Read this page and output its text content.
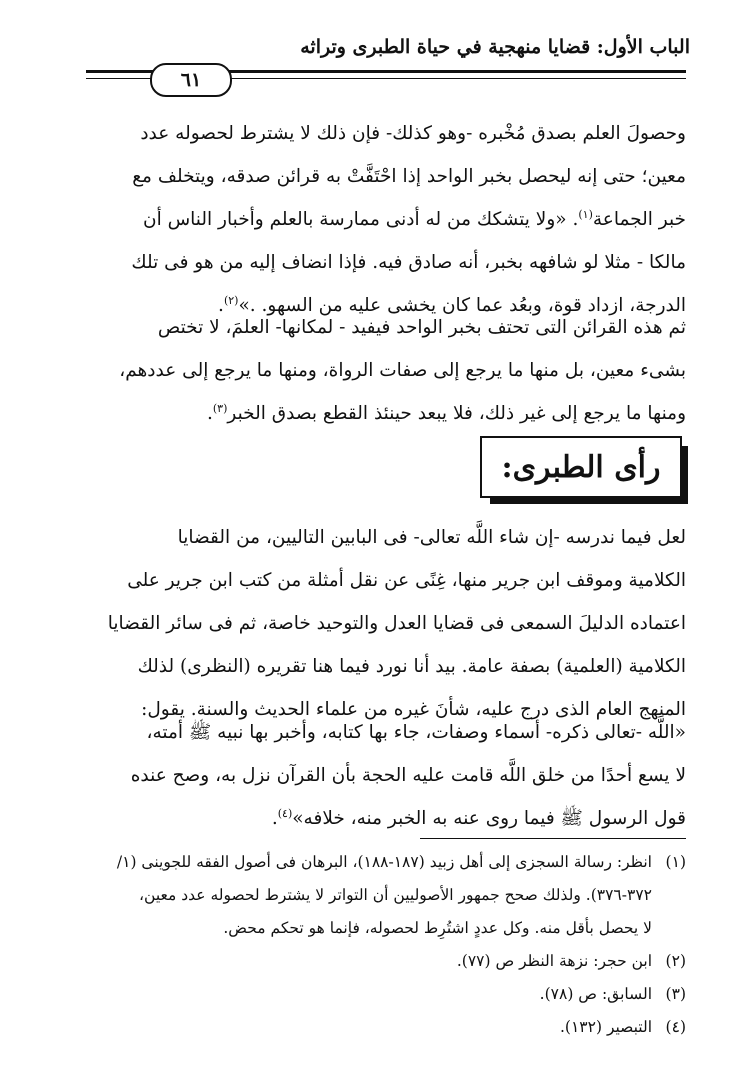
الباب الأول: قضايا منهجية في حياة الطبرى وتراثه
٦١
وحصولَ العلم بصدق مُخْبره -وهو كذلك- فإن ذلك لا يشترط لحصوله عدد
معين؛ حتى إنه ليحصل بخبر الواحد إذا احْتَفَّتْ به قرائن صدقه، ويتخلف مع
خبر الجماعة$^{(١)}$. «ولا يتشكك من له أدنى ممارسة بالعلم وأخبار الناس أن
مالكا - مثلا لو شافهه بخبر، أنه صادق فيه. فإذا انضاف إليه من هو فى تلك
الدرجة، ازداد قوة، وبعُد عما كان يخشى عليه من السهو. .»$^{(٢)}$.
ثم هذه القرائن التى تحتف بخبر الواحد فيفيد - لمكانها- العلمَ، لا تختص
بشىء معين، بل منها ما يرجع إلى صفات الرواة، ومنها ما يرجع إلى عددهم،
ومنها ما يرجع إلى غير ذلك، فلا يبعد حينئذ القطع بصدق الخبر$^{(٣)}$.
رأى الطبرى:
لعل فيما ندرسه -إن شاء اللَّه تعالى- فى البابين التاليين، من القضايا
الكلامية وموقف ابن جرير منها، غِنًى عن نقل أمثلة من كتب ابن جرير على
اعتماده الدليلَ السمعى فى قضايا العدل والتوحيد خاصة، ثم فى سائر القضايا
الكلامية (العلمية) بصفة عامة. بيد أنا نورد فيما هنا تقريره (النظرى) لذلك
المنهج العام الذى درج عليه، شأنَ غيره من علماء الحديث والسنة. يقول:
«اللَّه -تعالى ذكره- أسماء وصفات، جاء بها كتابه، وأخبر بها نبيه ﷺ أمته،
لا يسع أحدًا من خلق اللَّه قامت عليه الحجة بأن القرآن نزل به، وصح عنده
قول الرسول ﷺ فيما روى عنه به الخبر منه، خلافه»$^{(٤)}$.
(١)
انظر: رسالة السجزى إلى أهل زبيد (١٨٧-١٨٨)، البرهان فى أصول الفقه للجوينى (١/
٣٧٢-٣٧٦). ولذلك صحح جمهور الأصوليين أن التواتر لا يشترط لحصوله عدد معين،
لا يحصل بأقل منه. وكل عددٍ اشتُرِط لحصوله، فإنما هو تحكم محض.
(٢)
ابن حجر: نزهة النظر ص (٧٧).
(٣)
السابق: ص (٧٨).
(٤)
التبصير (١٣٢).
